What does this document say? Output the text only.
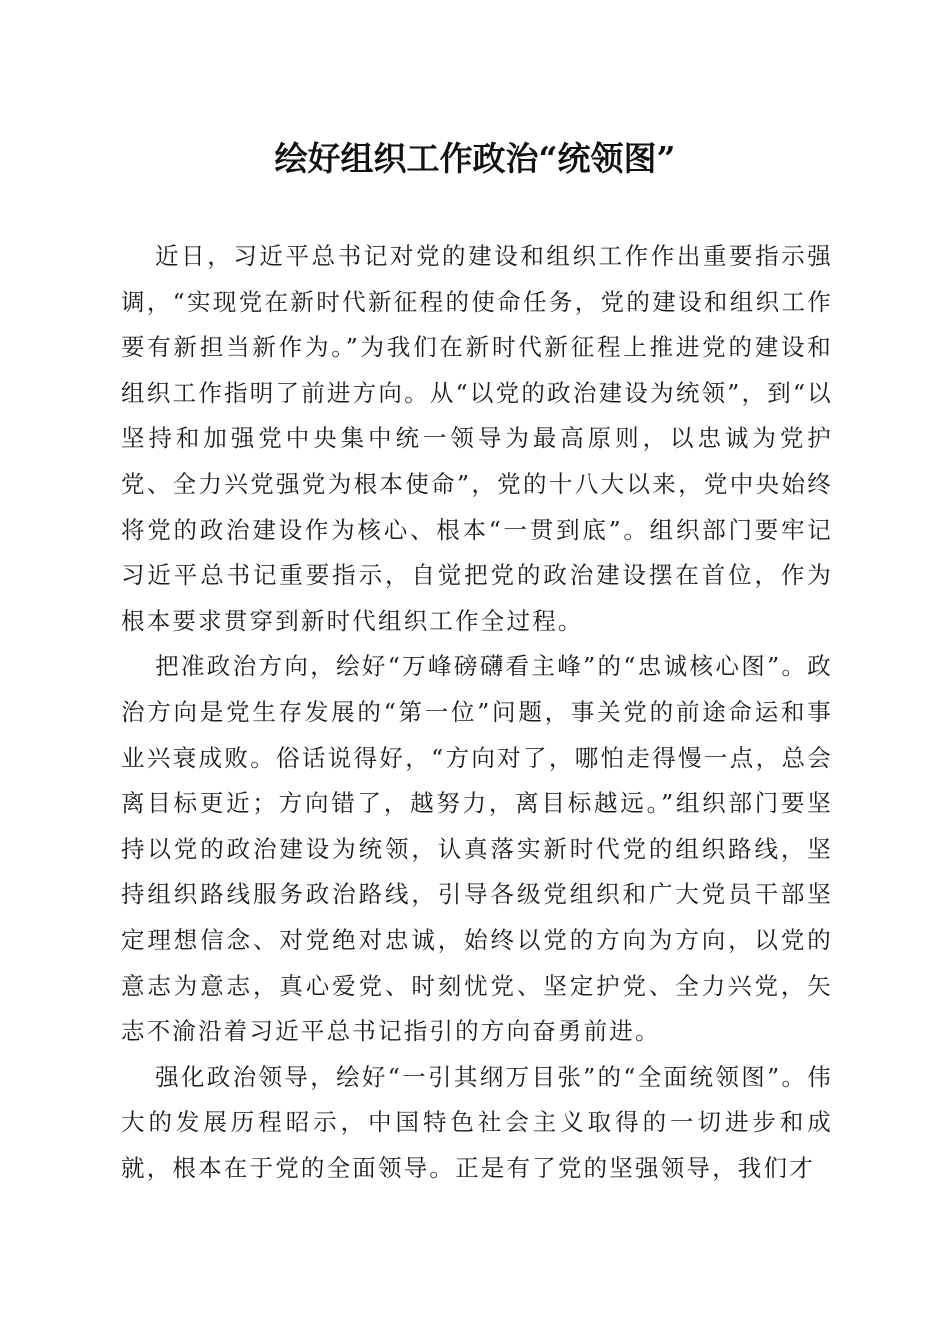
绘好组织工作政治“统领图”

近日，习近平总书记对党的建设和组织工作作出重要指示强调，“实现党在新时代新征程的使命任务，党的建设和组织工作要有新担当新作为。”为我们在新时代新征程上推进党的建设和组织工作指明了前进方向。从“以党的政治建设为统领”，到“以坚持和加强党中央集中统一领导为最高原则，以忠诚为党护党、全力兴党强党为根本使命”，党的十八大以来，党中央始终将党的政治建设作为核心、根本“一贯到底”。组织部门要牢记习近平总书记重要指示，自觉把党的政治建设摆在首位，作为根本要求贯穿到新时代组织工作全过程。

把准政治方向，绘好“万峰磅礴看主峰”的“忠诚核心图”。政治方向是党生存发展的“第一位”问题，事关党的前途命运和事业兴衰成败。俗话说得好，“方向对了，哪怕走得慢一点，总会离目标更近；方向错了，越努力，离目标越远。”组织部门要坚持以党的政治建设为统领，认真落实新时代党的组织路线，坚持组织路线服务政治路线，引导各级党组织和广大党员干部坚定理想信念、对党绝对忠诚，始终以党的方向为方向，以党的意志为意志，真心爱党、时刻忧党、坚定护党、全力兴党，矢志不渝沿着习近平总书记指引的方向奋勇前进。

强化政治领导，绘好“一引其纲万目张”的“全面统领图”。伟大的发展历程昭示，中国特色社会主义取得的一切进步和成就，根本在于党的全面领导。正是有了党的坚强领导，我们才
